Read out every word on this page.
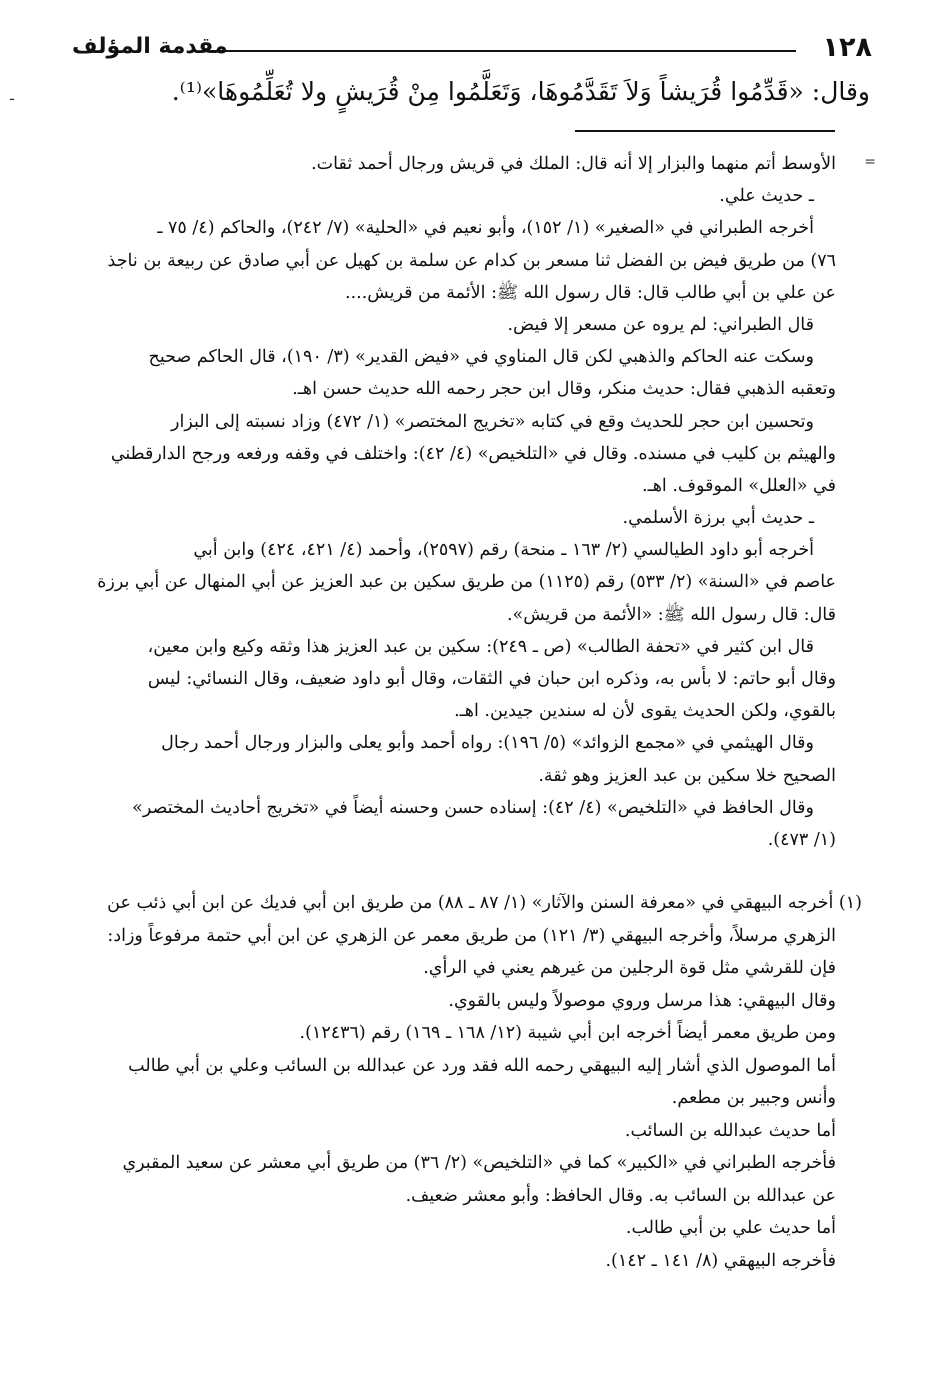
١٢٨
مقدمة المؤلف
ـ	وقال: «قَدِّمُوا قُرَيشاً وَلاَ تَقَدَّمُوهَا، وَتَعَلَّمُوا مِنْ قُرَيشٍ ولا تُعَلِّمُوهَا»⁽¹⁾.
=
الأوسط أتم منهما والبزار إلا أنه قال: الملك في قريش ورجال أحمد ثقات.
ـ حديث علي.
أخرجه الطبراني في «الصغير» (١/ ١٥٢)، وأبو نعيم في «الحلية» (٧/ ٢٤٢)، والحاكم (٤/ ٧٥ ـ
٧٦) من طريق فيض بن الفضل ثنا مسعر بن كدام عن سلمة بن كهيل عن أبي صادق عن ربيعة بن ناجذ
عن علي بن أبي طالب قال: قال رسول الله ﷺ: الأئمة من قريش....
قال الطبراني: لم يروه عن مسعر إلا فيض.
وسكت عنه الحاكم والذهبي لكن قال المناوي في «فيض القدير» (٣/ ١٩٠)، قال الحاكم صحيح
وتعقبه الذهبي فقال: حديث منكر، وقال ابن حجر رحمه الله حديث حسن اهـ.
وتحسين ابن حجر للحديث وقع في كتابه «تخريج المختصر» (١/ ٤٧٢) وزاد نسبته إلى البزار
والهيثم بن كليب في مسنده. وقال في «التلخيص» (٤/ ٤٢): واختلف في وقفه ورفعه ورجح الدارقطني
في «العلل» الموقوف. اهـ.
ـ حديث أبي برزة الأسلمي.
أخرجه أبو داود الطيالسي (٢/ ١٦٣ ـ منحة) رقم (٢٥٩٧)، وأحمد (٤/ ٤٢١، ٤٢٤) وابن أبي
عاصم في «السنة» (٢/ ٥٣٣) رقم (١١٢٥) من طريق سكين بن عبد العزيز عن أبي المنهال عن أبي برزة
قال: قال رسول الله ﷺ: «الأئمة من قريش».
قال ابن كثير في «تحفة الطالب» (ص ـ ٢٤٩): سكين بن عبد العزيز هذا وثقه وكيع وابن معين،
وقال أبو حاتم: لا بأس به، وذكره ابن حبان في الثقات، وقال أبو داود ضعيف، وقال النسائي: ليس
بالقوي، ولكن الحديث يقوى لأن له سندين جيدين. اهـ.
وقال الهيثمي في «مجمع الزوائد» (٥/ ١٩٦): رواه أحمد وأبو يعلى والبزار ورجال أحمد رجال
الصحيح خلا سكين بن عبد العزيز وهو ثقة.
وقال الحافظ في «التلخيص» (٤/ ٤٢): إسناده حسن وحسنه أيضاً في «تخريج أحاديث المختصر»
(١/ ٤٧٣).
(١) أخرجه البيهقي في «معرفة السنن والآثار» (١/ ٨٧ ـ ٨٨) من طريق ابن أبي فديك عن ابن أبي ذئب عن
الزهري مرسلاً، وأخرجه البيهقي (٣/ ١٢١) من طريق معمر عن الزهري عن ابن أبي حتمة مرفوعاً وزاد:
فإن للقرشي مثل قوة الرجلين من غيرهم يعني في الرأي.
وقال البيهقي: هذا مرسل وروي موصولاً وليس بالقوي.
ومن طريق معمر أيضاً أخرجه ابن أبي شيبة (١٢/ ١٦٨ ـ ١٦٩) رقم (١٢٤٣٦).
أما الموصول الذي أشار إليه البيهقي رحمه الله فقد ورد عن عبدالله بن السائب وعلي بن أبي طالب
وأنس وجبير بن مطعم.
أما حديث عبدالله بن السائب.
فأخرجه الطبراني في «الكبير» كما في «التلخيص» (٢/ ٣٦) من طريق أبي معشر عن سعيد المقبري
عن عبدالله بن السائب به. وقال الحافظ: وأبو معشر ضعيف.
أما حديث علي بن أبي طالب.
فأخرجه البيهقي (٨/ ١٤١ ـ ١٤٢).
